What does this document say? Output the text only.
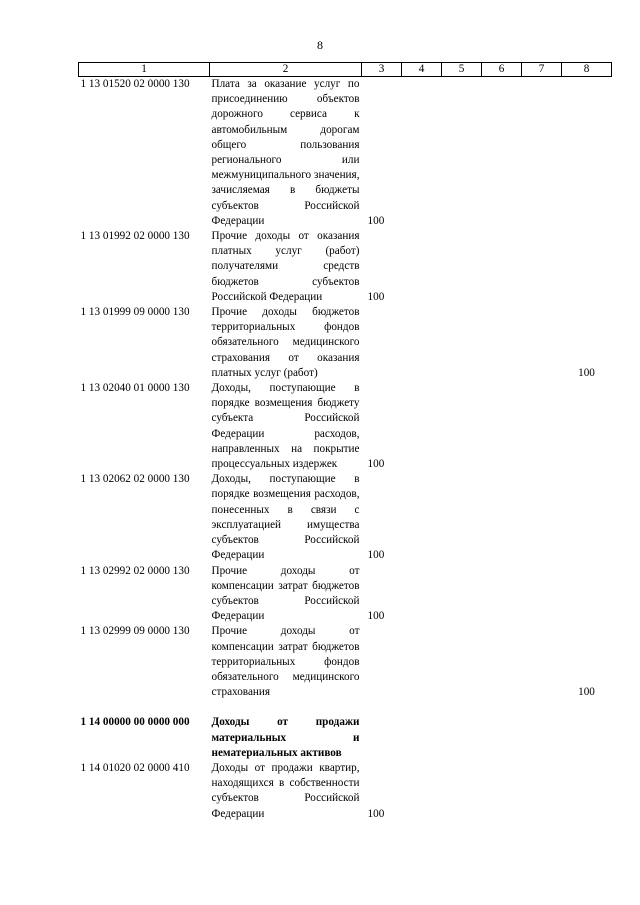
8
1	2	3	4	5	6	7	8
1 13 01520 02 0000 130	Плата за оказание услуг по присоединению объектов дорожного сервиса к автомобильным дорогам общего пользования регионального или межмуниципального значения, зачисляемая в бюджеты субъектов Российской Федерации	100					
1 13 01992 02 0000 130	Прочие доходы от оказания платных услуг (работ) получателями средств бюджетов субъектов Российской Федерации	100					
1 13 01999 09 0000 130	Прочие доходы бюджетов территориальных фондов обязательного медицинского страхования от оказания платных услуг (работ)						100
1 13 02040 01 0000 130	Доходы, поступающие в порядке возмещения бюджету субъекта Российской Федерации расходов, направленных на покрытие процессуальных издержек	100					
1 13 02062 02 0000 130	Доходы, поступающие в порядке возмещения расходов, понесенных в связи с эксплуатацией имущества субъектов Российской Федерации	100					
1 13 02992 02 0000 130	Прочие доходы от компенсации затрат бюджетов субъектов Российской Федерации	100					
1 13 02999 09 0000 130	Прочие доходы от компенсации затрат бюджетов территориальных фондов обязательного медицинского страхования						100

1 14 00000 00 0000 000	Доходы от продажи материальных и нематериальных активов						
1 14 01020 02 0000 410	Доходы от продажи квартир, находящихся в собственности субъектов Российской Федерации	100					
